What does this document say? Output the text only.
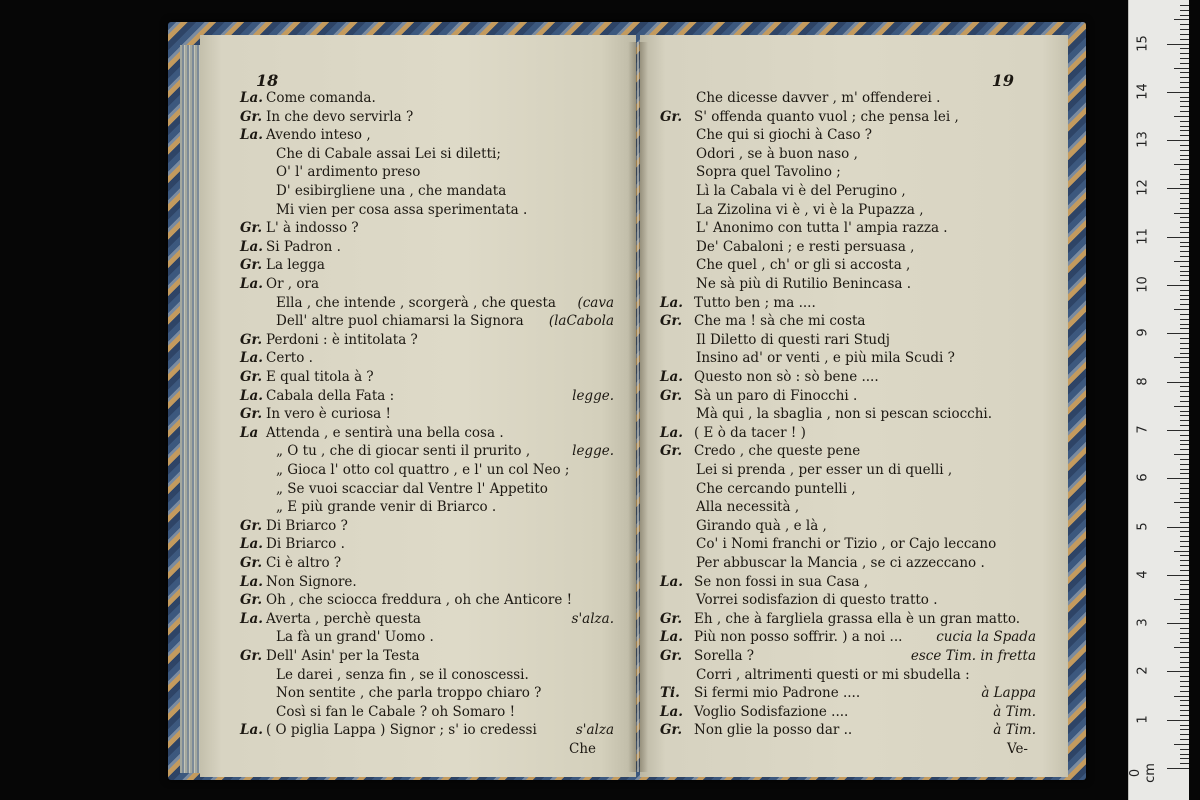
18
La. Come comanda.
Gr. In che devo servirla ?
La. Avendo inteso ,
Che di Cabale assai Lei si diletti;
O' l' ardimento preso
D' esibirgliene una , che mandata
Mi vien per cosa assa sperimentata .
Gr. L' à indosso ?
La. Si Padron .
Gr. La legga
La. Or , ora
Ella , che intende , scorgerà , che questa (cava
Dell' altre puol chiamarsi la Signora (laCabola
Gr. Perdoni : è intitolata ?
La. Certo .
Gr. E qual titola à ?
La. Cabala della Fata :	legge.
Gr. In vero è curiosa !
La Attenda , e sentirà una bella cosa .
„ O tu , che di giocar senti il prurito ,	legge.
„ Gioca l' otto col quattro , e l' un col Neo ;
„ Se vuoi scacciar dal Ventre l' Appetito
„ E più grande venir di Briarco .
Gr. Di Briarco ?
La. Di Briarco .
Gr. Ci è altro ?
La. Non Signore.
Gr. Oh , che sciocca freddura , oh che Anticore !
La. Averta , perchè questa	s'alza.
La fà un grand' Uomo .
Gr. Dell' Asin' per la Testa
Le darei , senza fin , se il conoscessi.
Non sentite , che parla troppo chiaro ?
Così si fan le Cabale ? oh Somaro !
La. ( O piglia Lappa ) Signor ; s' io credessi	s'alza
Che
19
Che dicesse davver , m' offenderei .
Gr. S' offenda quanto vuol ; che pensa lei ,
Che qui si giochi à Caso ?
Odori , se à buon naso ,
Sopra quel Tavolino ;
Lì la Cabala vi è del Perugino ,
La Zizolina vi è , vi è la Pupazza ,
L' Anonimo con tutta l' ampia razza .
De' Cabaloni ; e resti persuasa ,
Che quel , ch' or gli si accosta ,
Ne sà più di Rutilio Benincasa .
La. Tutto ben ; ma ....
Gr. Che ma ! sà che mi costa
Il Diletto di questi rari Studj
Insino ad' or venti , e più mila Scudi ?
La. Questo non sò : sò bene ....
Gr. Sà un paro di Finocchi .
Mà qui , la sbaglia , non si pescan sciocchi.
La. ( E ò da tacer ! )
Gr. Credo , che queste pene
Lei si prenda , per esser un di quelli ,
Che cercando puntelli ,
Alla necessità ,
Girando quà , e là ,
Co' i Nomi franchi or Tizio , or Cajo leccano
Per abbuscar la Mancia , se ci azzeccano .
La. Se non fossi in sua Casa ,
Vorrei sodisfazion di questo tratto .
Gr. Eh , che à fargliela grassa ella è un gran matto.
La. Più non posso soffrir. ) a noi ...	cucia la Spada
Gr. Sorella ?	esce Tim. in fretta
Corri , altrimenti questi or mi sbudella :
Ti. Si fermi mio Padrone ....	à Lappa
La. Voglio Sodisfazione ....	à Tim.
Gr. Non glie la posso dar ..	à Tim.
Ve-
1
2
3
4
5
6
7
8
9
10
11
12
13
14
15
0 cm
